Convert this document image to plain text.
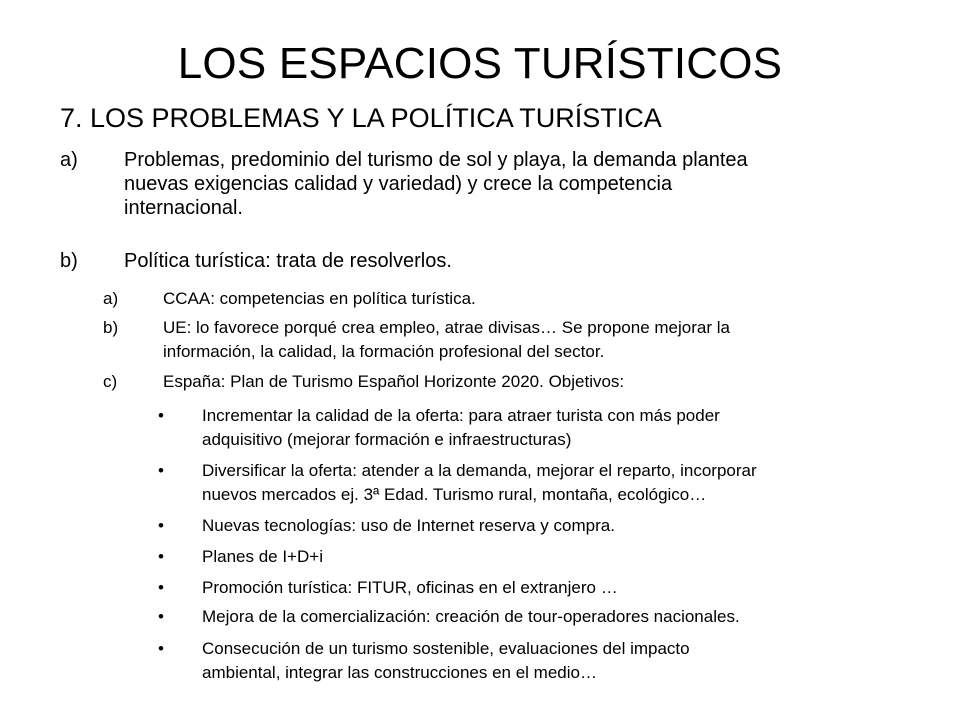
LOS ESPACIOS TURÍSTICOS
7. LOS PROBLEMAS Y LA POLÍTICA TURÍSTICA
a) Problemas, predominio del turismo de sol y playa, la demanda plantea
nuevas exigencias calidad y variedad) y crece la competencia
internacional.
b) Política turística: trata de resolverlos.
a)	CCAA: competencias en política turística.
b)	UE: lo favorece porqué crea empleo, atrae divisas… Se propone mejorar la
información, la calidad, la formación profesional del sector.
c)	España: Plan de Turismo Español Horizonte 2020. Objetivos:
• Incrementar la calidad de la oferta: para atraer turista con más poder
adquisitivo (mejorar formación e infraestructuras)
• Diversificar la oferta: atender a la demanda, mejorar el reparto, incorporar
nuevos mercados ej. 3ª Edad. Turismo rural, montaña, ecológico…
• Nuevas tecnologías: uso de Internet reserva y compra.
• Planes de I+D+i
• Promoción turística: FITUR, oficinas en el extranjero …
• Mejora de la comercialización: creación de tour-operadores nacionales.
• Consecución de un turismo sostenible, evaluaciones del impacto
ambiental, integrar las construcciones en el medio…
